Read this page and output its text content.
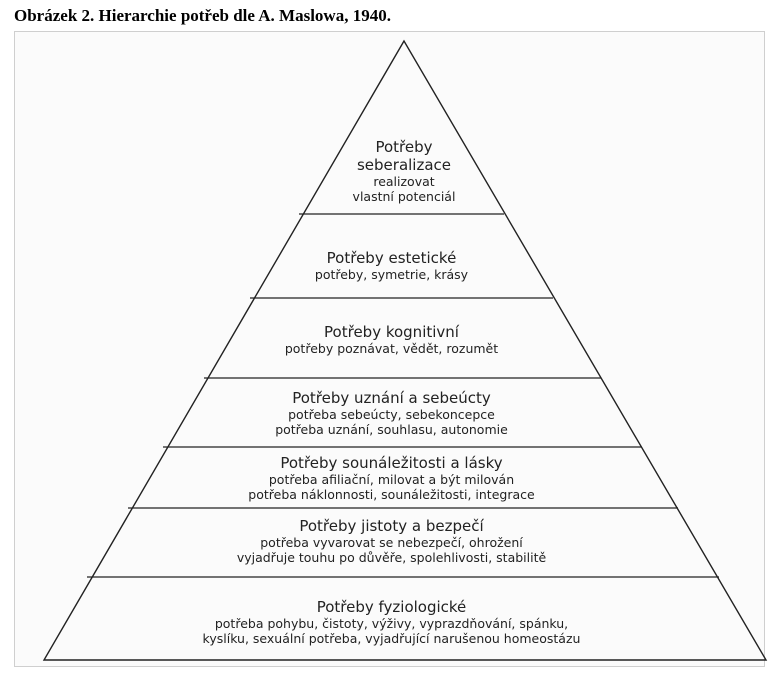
Obrázek 2. Hierarchie potřeb dle A. Maslowa, 1940.
Potřeby
seberalizace
realizovat
vlastní potenciál
Potřeby estetické
potřeby, symetrie, krásy
Potřeby kognitivní
potřeby poznávat, vědět, rozumět
Potřeby uznání a sebeúcty
potřeba sebeúcty, sebekoncepce
potřeba uznání, souhlasu, autonomie
Potřeby sounáležitosti a lásky
potřeba afiliační, milovat a být milován
potřeba náklonnosti, sounáležitosti, integrace
Potřeby jistoty a bezpečí
potřeba vyvarovat se nebezpečí, ohrožení
vyjadřuje touhu po důvěře, spolehlivosti, stabilitě
Potřeby fyziologické
potřeba pohybu, čistoty, výživy, vyprazdňování, spánku,
kyslíku, sexuální potřeba, vyjadřující narušenou homeostázu
